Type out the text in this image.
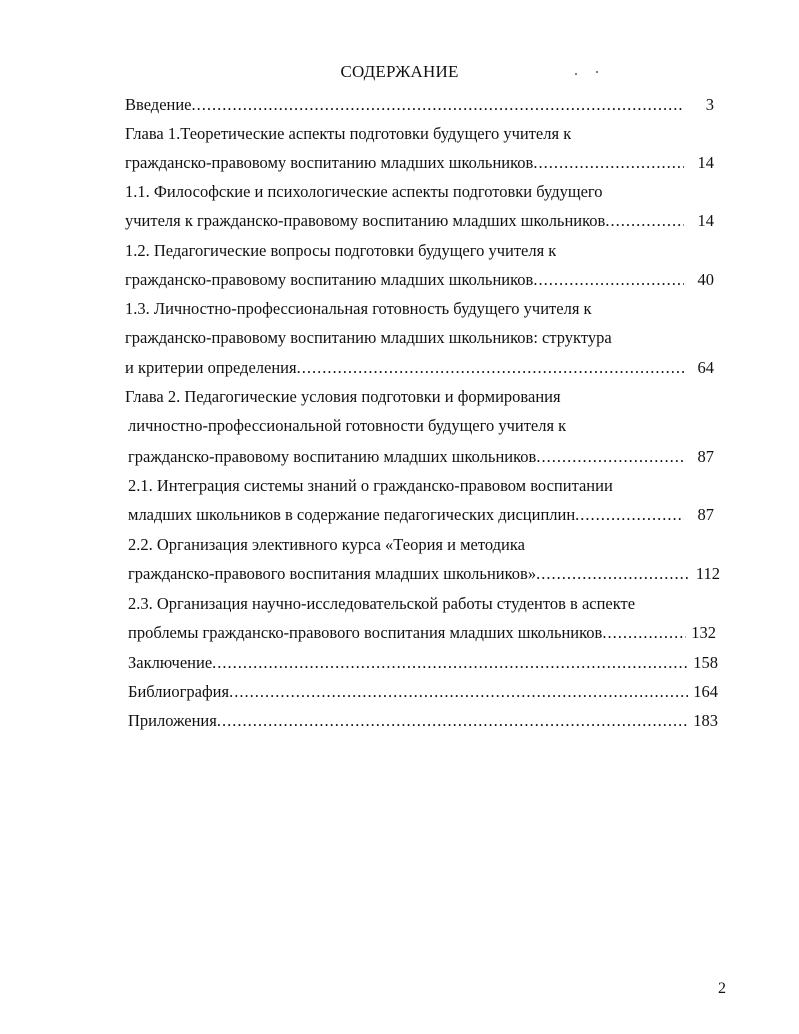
СОДЕРЖАНИЕ
Введение .....	3
Глава 1.Теоретические аспекты подготовки будущего учителя к
гражданско-правовому воспитанию младших школьников .....	14
1.1. Философские и психологические аспекты подготовки будущего
учителя к гражданско-правовому воспитанию младших школьников .....	14
1.2. Педагогические вопросы подготовки будущего учителя к
гражданско-правовому воспитанию младших школьников .....	40
1.3. Личностно-профессиональная готовность будущего учителя к
гражданско-правовому воспитанию младших школьников: структура
и критерии определения .....	64
Глава 2. Педагогические условия подготовки и формирования
личностно-профессиональной готовности будущего учителя к
гражданско-правовому воспитанию младших школьников .....	87
2.1. Интеграция системы знаний о гражданско-правовом воспитании
младших школьников в содержание педагогических дисциплин .....	87
2.2. Организация элективного курса «Теория и методика
гражданско-правового воспитания младших школьников» .....	112
2.3. Организация научно-исследовательской работы студентов в аспекте
проблемы гражданско-правового воспитания младших школьников .....	132
Заключение .....	158
Библиография .....	164
Приложения .....	183
2
